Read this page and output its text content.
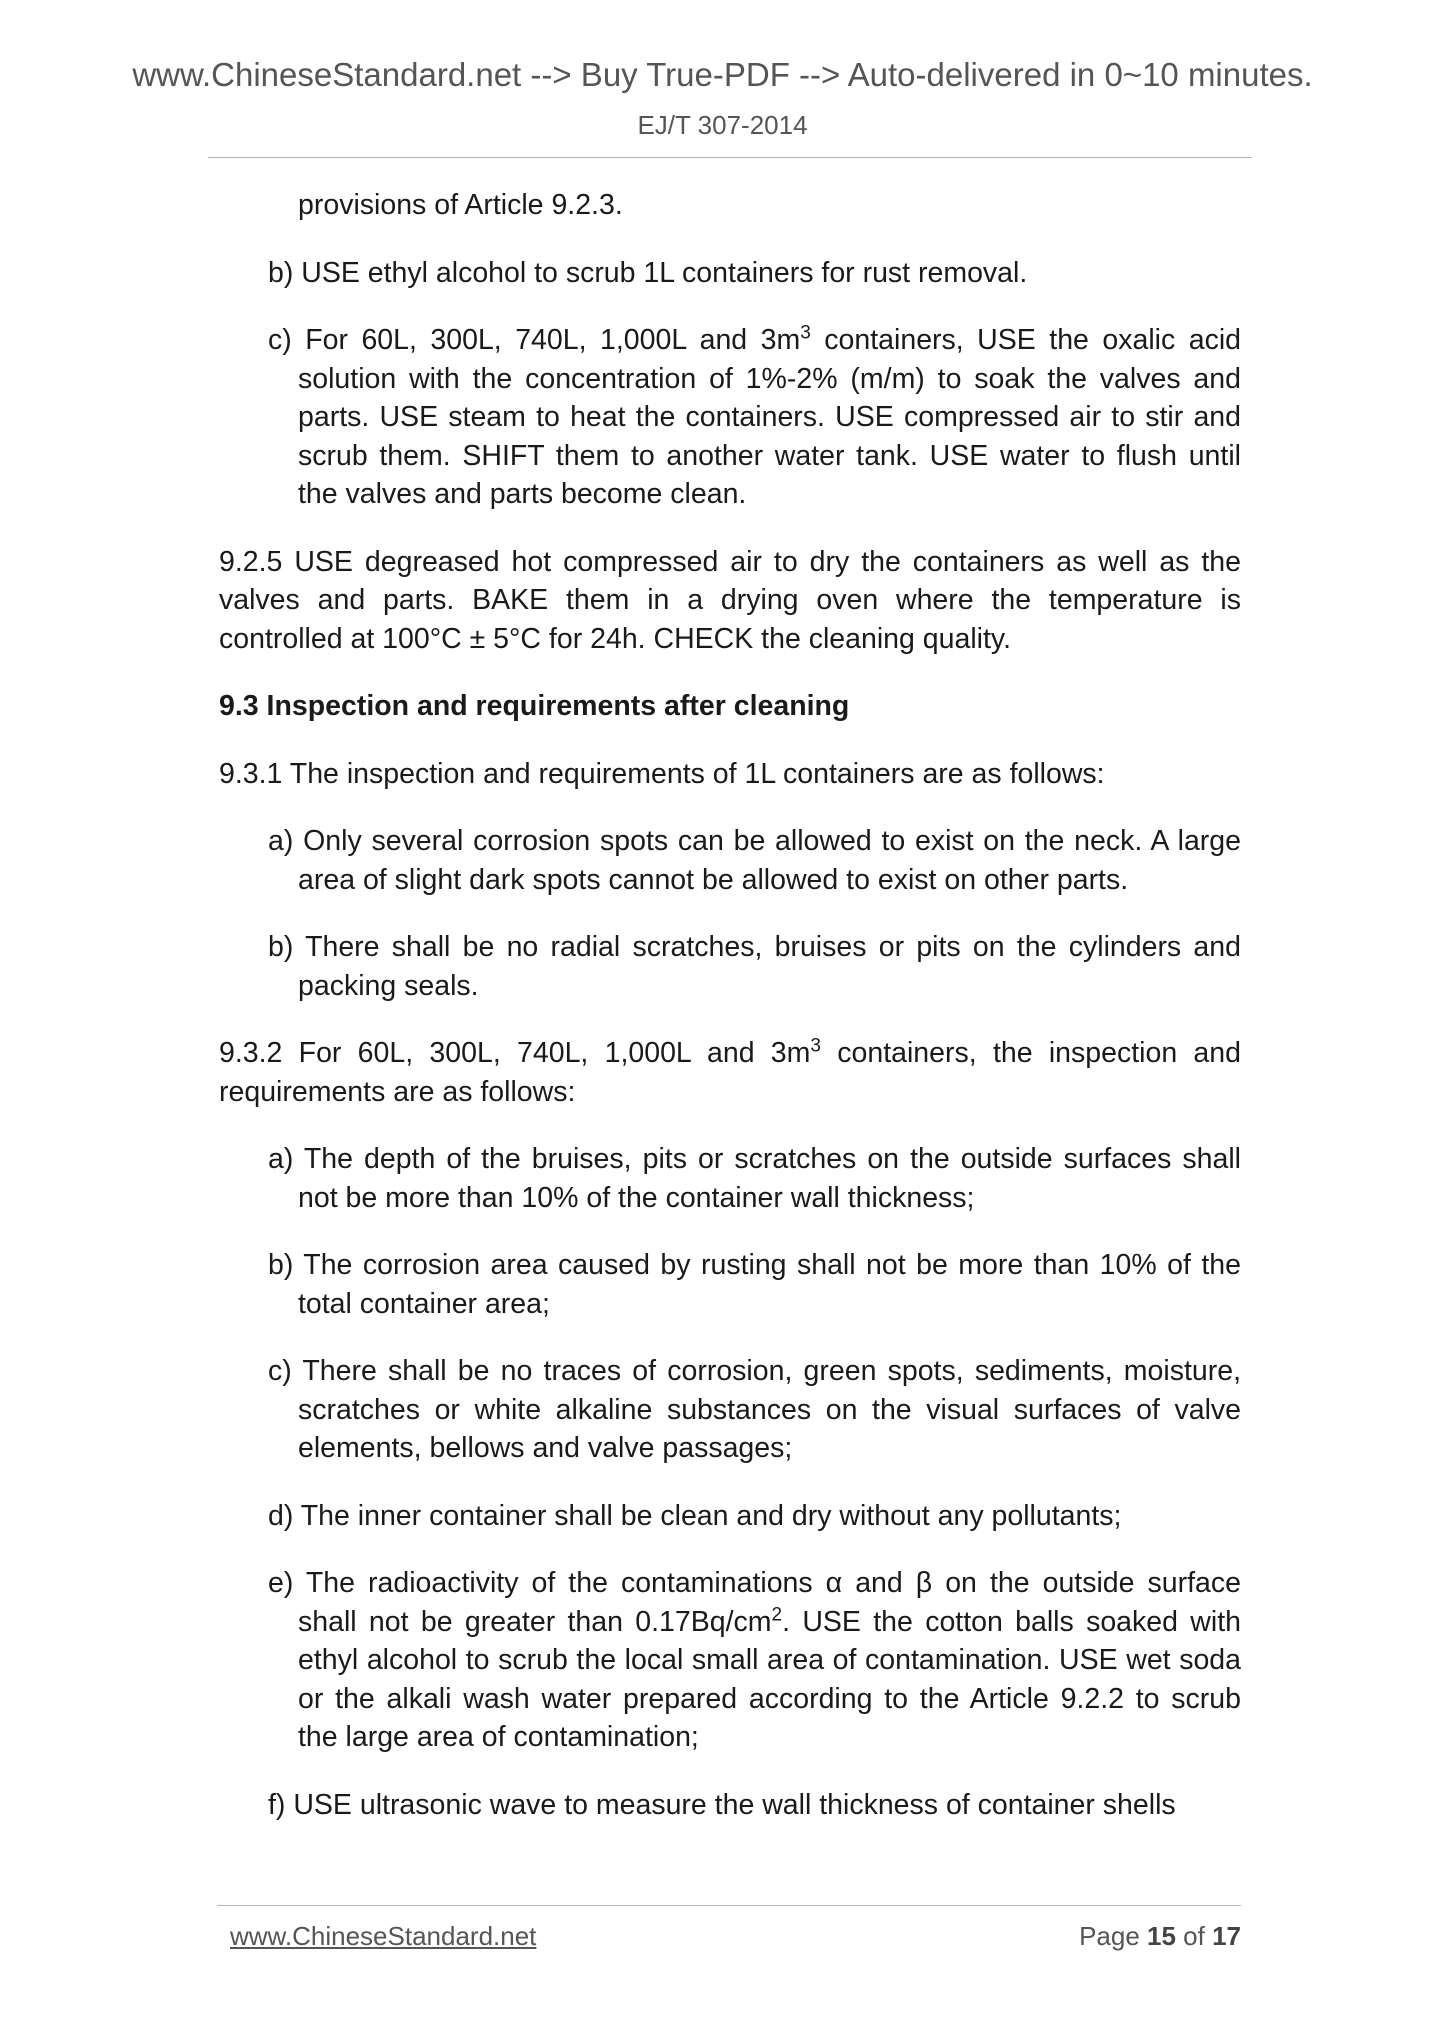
www.ChineseStandard.net --> Buy True-PDF --> Auto-delivered in 0~10 minutes.
EJ/T 307-2014

provisions of Article 9.2.3.

b) USE ethyl alcohol to scrub 1L containers for rust removal.

c) For 60L, 300L, 740L, 1,000L and $3m^3$ containers, USE the oxalic acid solution with the concentration of 1%-2% (m/m) to soak the valves and parts. USE steam to heat the containers. USE compressed air to stir and scrub them. SHIFT them to another water tank. USE water to flush until the valves and parts become clean.

9.2.5 USE degreased hot compressed air to dry the containers as well as the valves and parts. BAKE them in a drying oven where the temperature is controlled at 100°C ± 5°C for 24h. CHECK the cleaning quality.

9.3 Inspection and requirements after cleaning

9.3.1 The inspection and requirements of 1L containers are as follows:

a) Only several corrosion spots can be allowed to exist on the neck. A large area of slight dark spots cannot be allowed to exist on other parts.

b) There shall be no radial scratches, bruises or pits on the cylinders and packing seals.

9.3.2 For 60L, 300L, 740L, 1,000L and $3m^3$ containers, the inspection and requirements are as follows:

a) The depth of the bruises, pits or scratches on the outside surfaces shall not be more than 10% of the container wall thickness;

b) The corrosion area caused by rusting shall not be more than 10% of the total container area;

c) There shall be no traces of corrosion, green spots, sediments, moisture, scratches or white alkaline substances on the visual surfaces of valve elements, bellows and valve passages;

d) The inner container shall be clean and dry without any pollutants;

e) The radioactivity of the contaminations α and β on the outside surface shall not be greater than $0.17Bq/cm^2$. USE the cotton balls soaked with ethyl alcohol to scrub the local small area of contamination. USE wet soda or the alkali wash water prepared according to the Article 9.2.2 to scrub the large area of contamination;

f) USE ultrasonic wave to measure the wall thickness of container shells

www.ChineseStandard.net	Page 15 of 17
